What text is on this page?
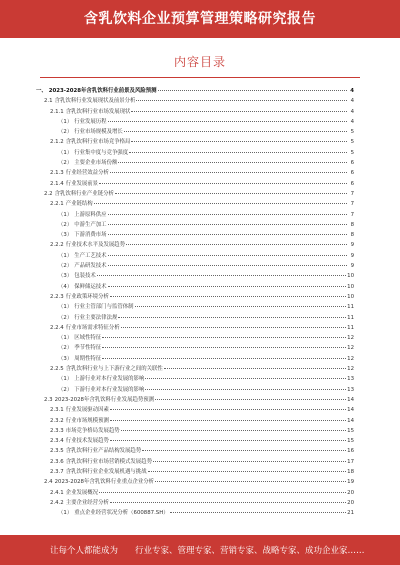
含乳饮料企业预算管理策略研究报告
内容目录
一、 2023-2028年含乳饮料行业前景及风险预测	4
2.1 含乳饮料行业发展现状及前景分析	4
2.1.1 含乳饮料行业市场发展现状	4
（1） 行业发展历程	4
（2） 行业市场规模及增长	5
2.1.2 含乳饮料行业市场竞争格局	5
（1） 行业集中度与竞争强度	5
（2） 主要企业市场份额	6
2.1.3 行业经营效益分析	6
2.1.4 行业发展前景	6
2.2 含乳饮料行业产业链分析	7
2.2.1 产业链结构	7
（1） 上游原料供应	7
（2） 中游生产加工	8
（3） 下游消费市场	8
2.2.2 行业技术水平及发展趋势	9
（1） 生产工艺技术	9
（2） 产品研发技术	9
（3） 包装技术	10
（4） 保鲜储运技术	10
2.2.3 行业政策环境分析	10
（1） 行业主管部门与监管体制	11
（2） 行业主要法律法规	11
2.2.4 行业市场需求特征分析	11
（1） 区域性特征	12
（2） 季节性特征	12
（3） 周期性特征	12
2.2.5 含乳饮料行业与上下游行业之间的关联性	12
（1） 上游行业对本行业发展的影响	13
（2） 下游行业对本行业发展的影响	13
2.3 2023-2028年含乳饮料行业发展趋势预测	14
2.3.1 行业发展驱动因素	14
2.3.2 行业市场规模预测	14
2.3.3 市场竞争格局发展趋势	15
2.3.4 行业技术发展趋势	15
2.3.5 含乳饮料行业产品结构发展趋势	16
2.3.6 含乳饮料行业市场营销模式发展趋势	17
2.3.7 含乳饮料行业企业发展机遇与挑战	18
2.4 2023-2028年含乳饮料行业重点企业分析	19
2.4.1 企业发展概况	20
2.4.2 主要企业经营分析	20
（1） 重点企业经营状况分析（600887.SH）	21
让每个人都能成为 行业专家、管理专家、营销专家、战略专家、成功企业家……
